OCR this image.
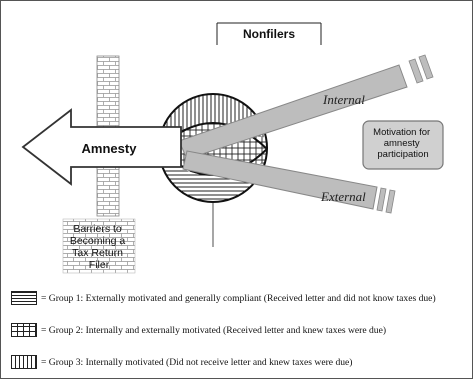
Nonfilers
Barriers to Becoming a Tax Return Filer
Internal
External
Amnesty
Motivation for amnesty participation
= Group 1: Externally motivated and generally compliant (Received letter and did not know taxes due)
= Group 2: Internally and externally motivated (Received letter and knew taxes were due)
= Group 3: Internally motivated (Did not receive letter and knew taxes were due)
